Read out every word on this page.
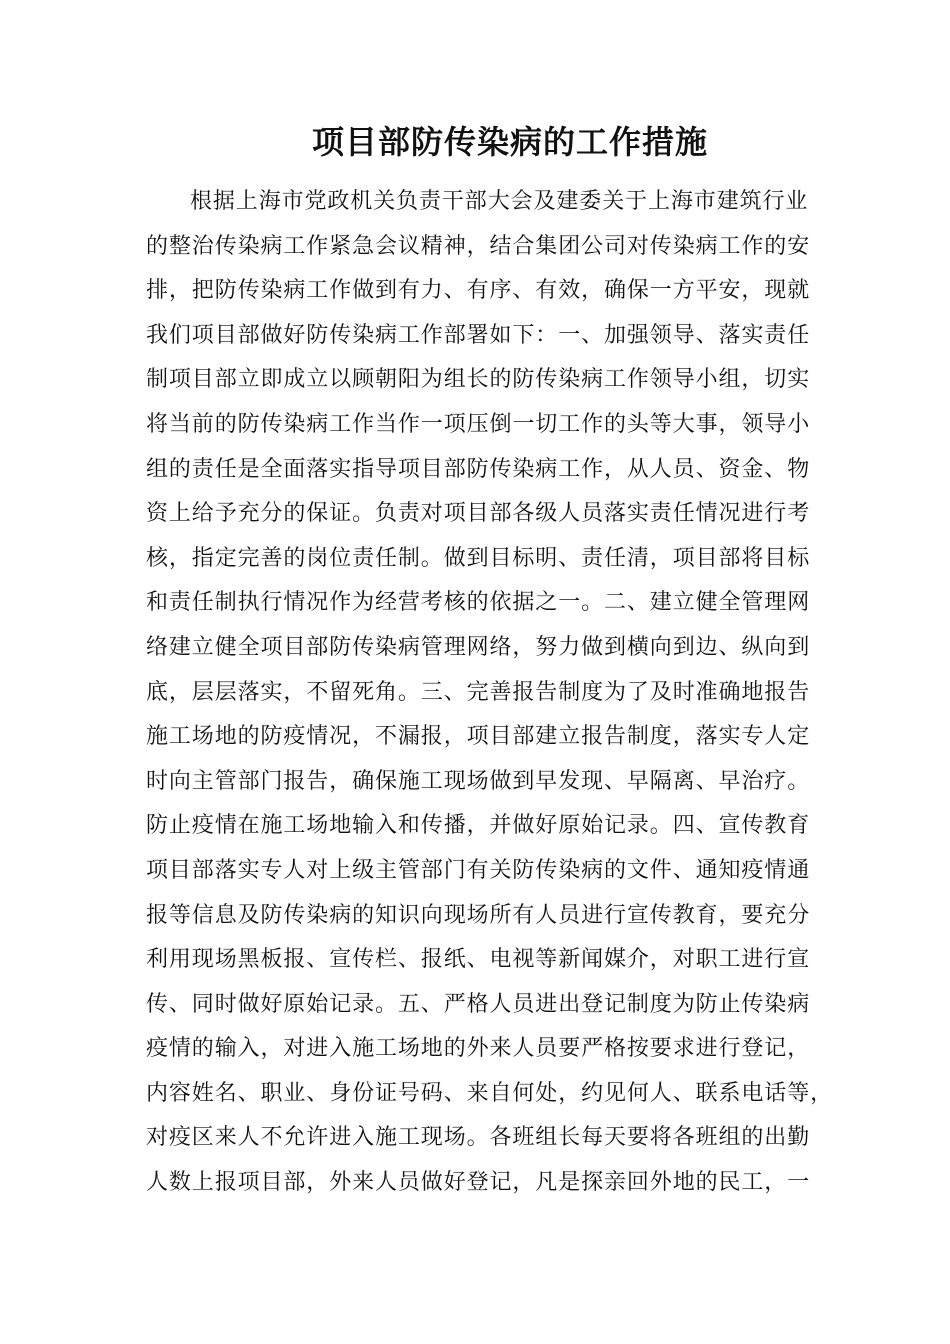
项目部防传染病的工作措施
根据上海市党政机关负责干部大会及建委关于上海市建筑行业
的整治传染病工作紧急会议精神，结合集团公司对传染病工作的安
排，把防传染病工作做到有力、有序、有效，确保一方平安，现就
我们项目部做好防传染病工作部署如下：一、加强领导、落实责任
制项目部立即成立以顾朝阳为组长的防传染病工作领导小组，切实
将当前的防传染病工作当作一项压倒一切工作的头等大事，领导小
组的责任是全面落实指导项目部防传染病工作，从人员、资金、物
资上给予充分的保证。负责对项目部各级人员落实责任情况进行考
核，指定完善的岗位责任制。做到目标明、责任清，项目部将目标
和责任制执行情况作为经营考核的依据之一。二、建立健全管理网
络建立健全项目部防传染病管理网络，努力做到横向到边、纵向到
底，层层落实，不留死角。三、完善报告制度为了及时准确地报告
施工场地的防疫情况，不漏报，项目部建立报告制度，落实专人定
时向主管部门报告，确保施工现场做到早发现、早隔离、早治疗。
防止疫情在施工场地输入和传播，并做好原始记录。四、宣传教育
项目部落实专人对上级主管部门有关防传染病的文件、通知疫情通
报等信息及防传染病的知识向现场所有人员进行宣传教育，要充分
利用现场黑板报、宣传栏、报纸、电视等新闻媒介，对职工进行宣
传、同时做好原始记录。五、严格人员进出登记制度为防止传染病
疫情的输入，对进入施工场地的外来人员要严格按要求进行登记，
内容姓名、职业、身份证号码、来自何处，约见何人、联系电话等，
对疫区来人不允许进入施工现场。各班组长每天要将各班组的出勤
人数上报项目部，外来人员做好登记，凡是探亲回外地的民工，一
